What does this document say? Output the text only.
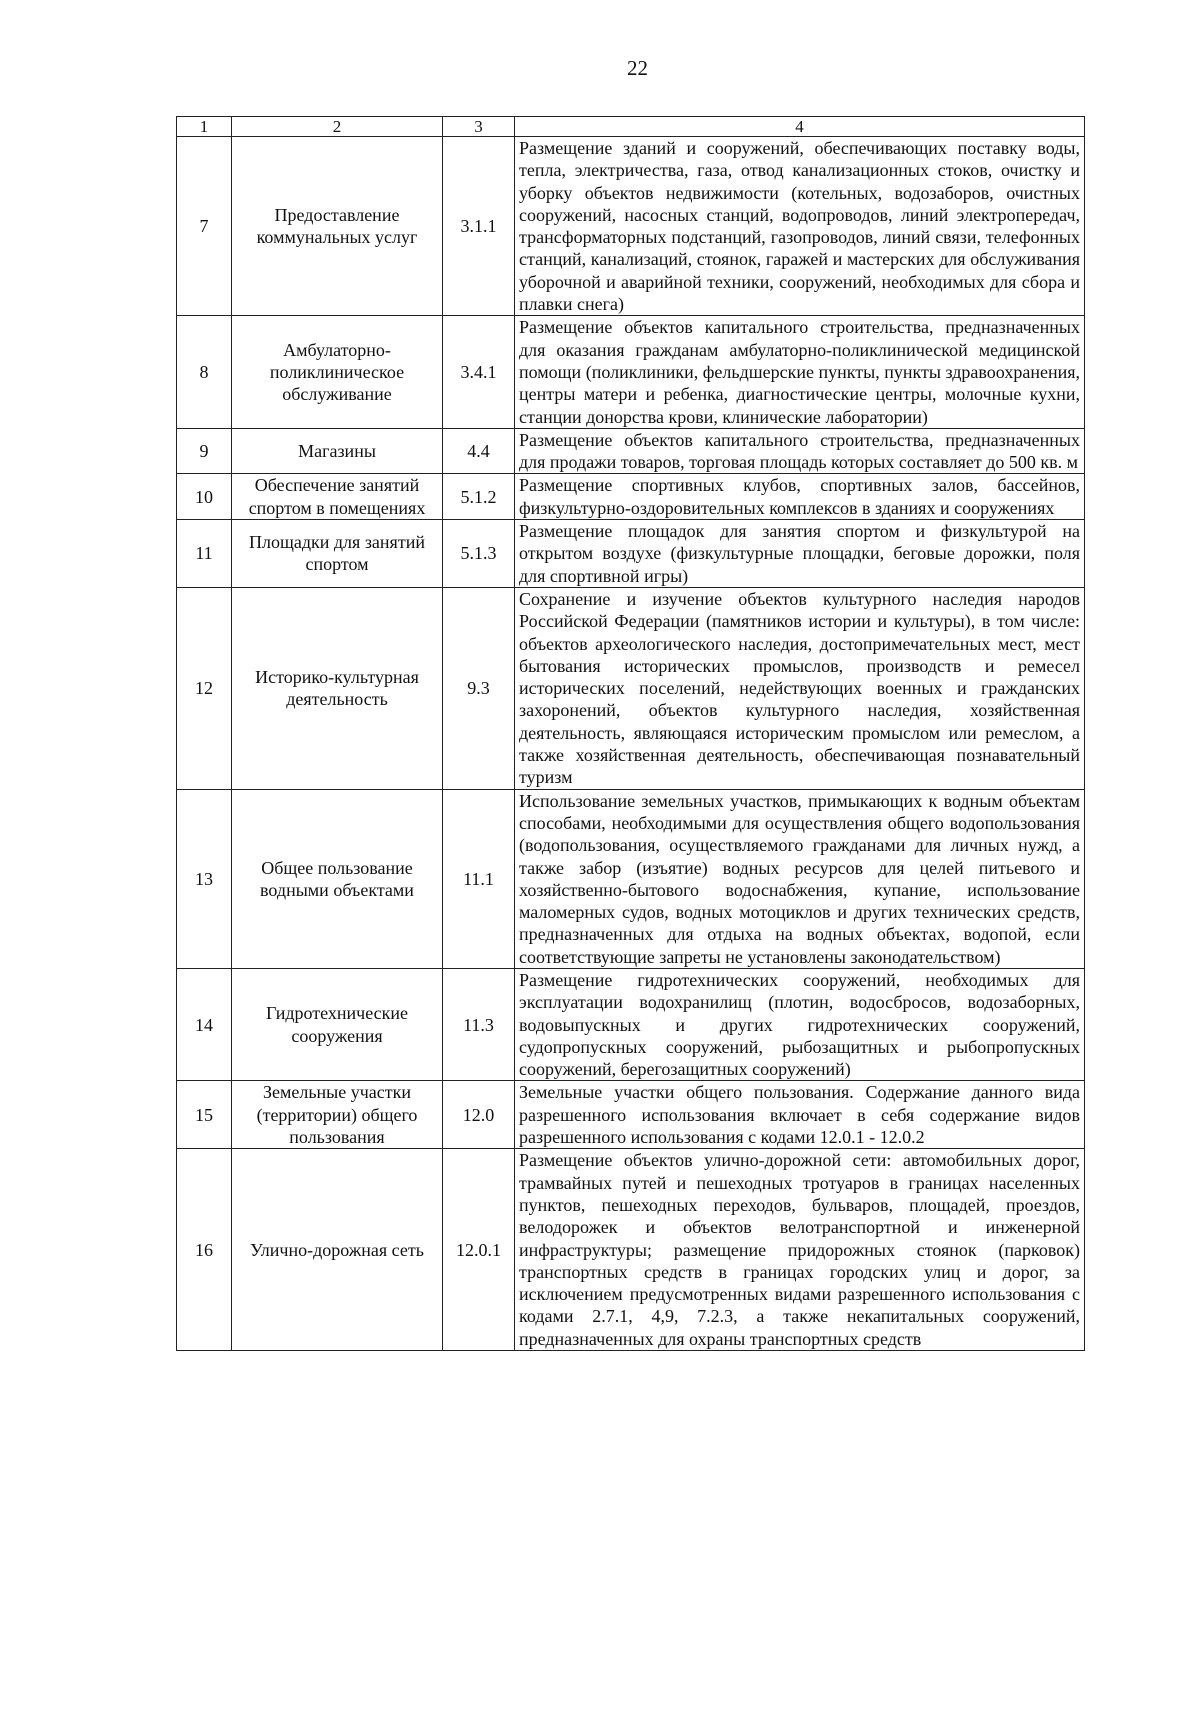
22
1	2	3	4
7	Предоставление коммунальных услуг	3.1.1	Размещение зданий и сооружений, обеспечивающих поставку воды, тепла, электричества, газа, отвод канализационных стоков, очистку и уборку объектов недвижимости (котельных, водозаборов, очистных сооружений, насосных станций, водопроводов, линий электропередач, трансформаторных подстанций, газопроводов, линий связи, телефонных станций, канализаций, стоянок, гаражей и мастерских для обслуживания уборочной и аварийной техники, сооружений, необходимых для сбора и плавки снега)
8	Амбулаторно-поликлиническое обслуживание	3.4.1	Размещение объектов капитального строительства, предназначенных для оказания гражданам амбулаторно-поликлинической медицинской помощи (поликлиники, фельдшерские пункты, пункты здравоохранения, центры матери и ребенка, диагностические центры, молочные кухни, станции донорства крови, клинические лаборатории)
9	Магазины	4.4	Размещение объектов капитального строительства, предназначенных для продажи товаров, торговая площадь которых составляет до 500 кв. м
10	Обеспечение занятий спортом в помещениях	5.1.2	Размещение спортивных клубов, спортивных залов, бассейнов, физкультурно-оздоровительных комплексов в зданиях и сооружениях
11	Площадки для занятий спортом	5.1.3	Размещение площадок для занятия спортом и физкультурой на открытом воздухе (физкультурные площадки, беговые дорожки, поля для спортивной игры)
12	Историко-культурная деятельность	9.3	Сохранение и изучение объектов культурного наследия народов Российской Федерации (памятников истории и культуры), в том числе: объектов археологического наследия, достопримечательных мест, мест бытования исторических промыслов, производств и ремесел исторических поселений, недействующих военных и гражданских захоронений, объектов культурного наследия, хозяйственная деятельность, являющаяся историческим промыслом или ремеслом, а также хозяйственная деятельность, обеспечивающая познавательный туризм
13	Общее пользование водными объектами	11.1	Использование земельных участков, примыкающих к водным объектам способами, необходимыми для осуществления общего водопользования (водопользования, осуществляемого гражданами для личных нужд, а также забор (изъятие) водных ресурсов для целей питьевого и хозяйственно-бытового водоснабжения, купание, использование маломерных судов, водных мотоциклов и других технических средств, предназначенных для отдыха на водных объектах, водопой, если соответствующие запреты не установлены законодательством)
14	Гидротехнические сооружения	11.3	Размещение гидротехнических сооружений, необходимых для эксплуатации водохранилищ (плотин, водосбросов, водозаборных, водовыпускных и других гидротехнических сооружений, судопропускных сооружений, рыбозащитных и рыбопропускных сооружений, берегозащитных сооружений)
15	Земельные участки (территории) общего пользования	12.0	Земельные участки общего пользования. Содержание данного вида разрешенного использования включает в себя содержание видов разрешенного использования с кодами 12.0.1 - 12.0.2
16	Улично-дорожная сеть	12.0.1	Размещение объектов улично-дорожной сети: автомобильных дорог, трамвайных путей и пешеходных тротуаров в границах населенных пунктов, пешеходных переходов, бульваров, площадей, проездов, велодорожек и объектов велотранспортной и инженерной инфраструктуры; размещение придорожных стоянок (парковок) транспортных средств в границах городских улиц и дорог, за исключением предусмотренных видами разрешенного использования с кодами 2.7.1, 4,9, 7.2.3, а также некапитальных сооружений, предназначенных для охраны транспортных средств
